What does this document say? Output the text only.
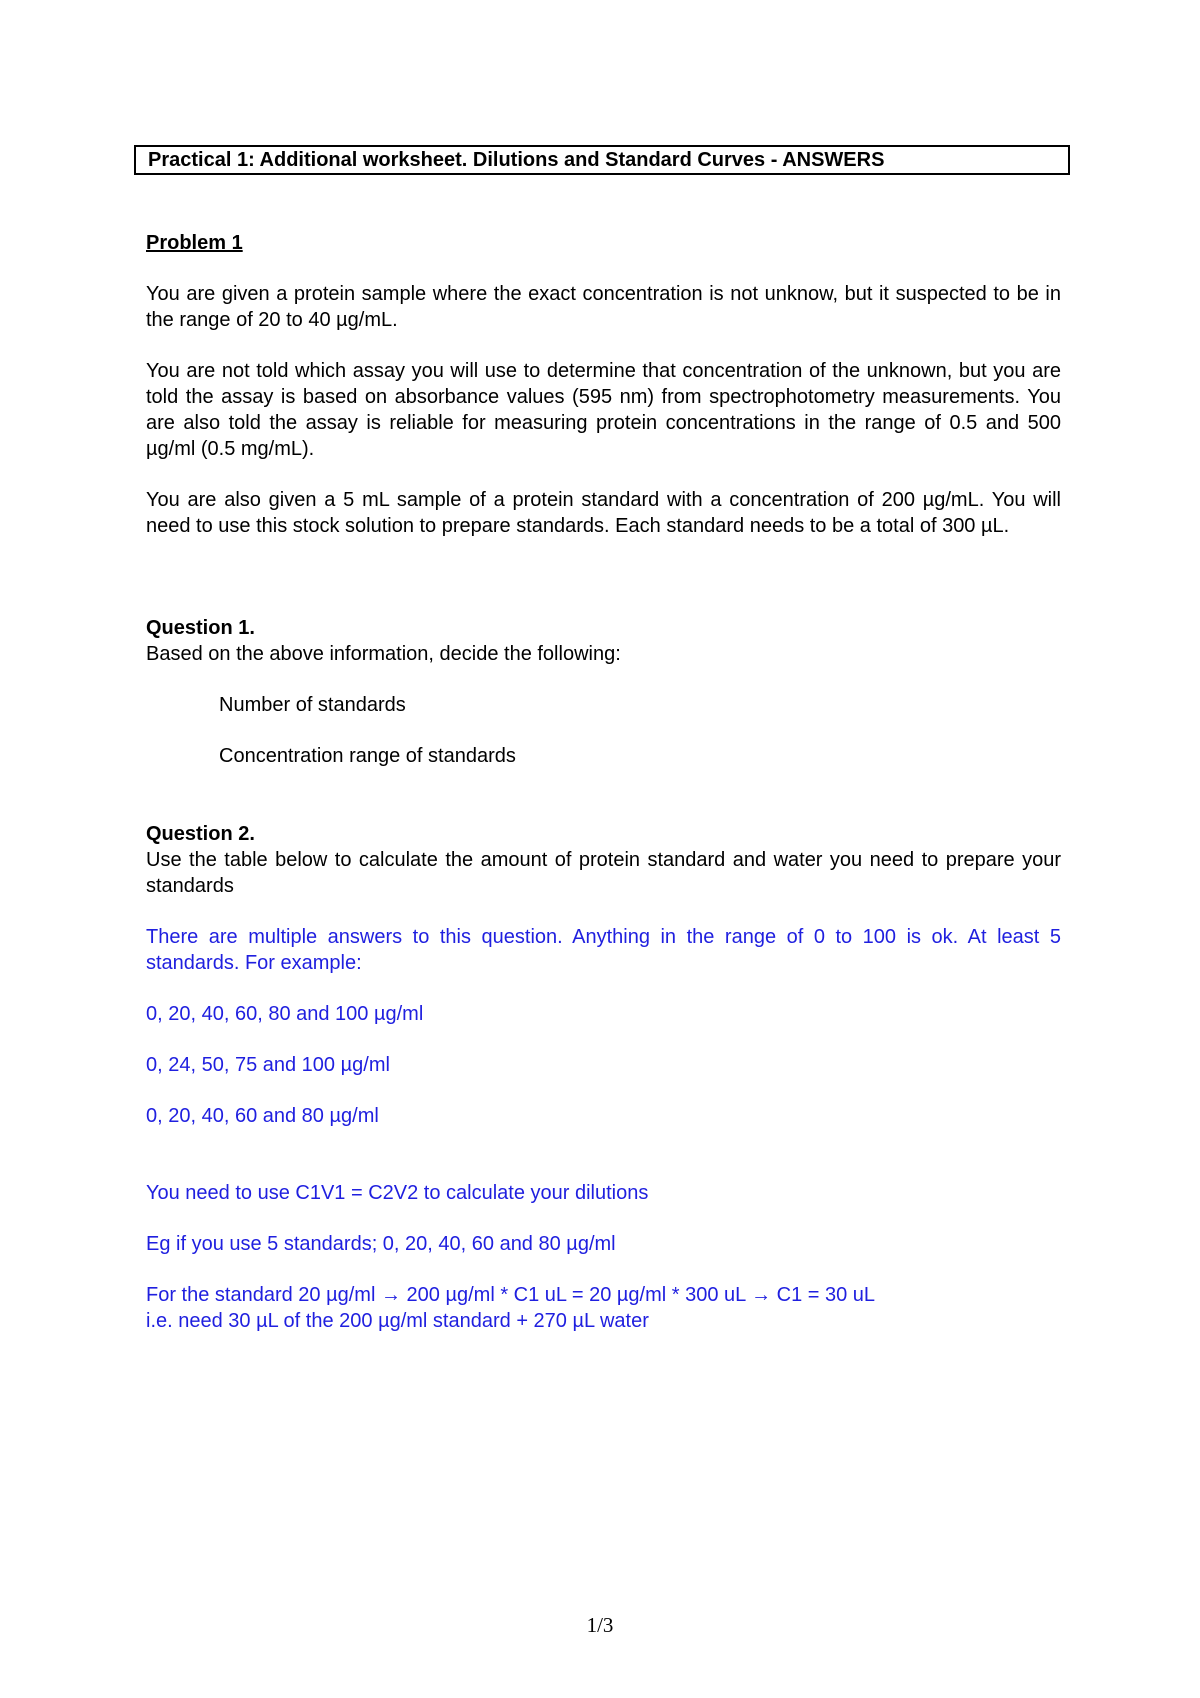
Practical 1: Additional worksheet. Dilutions and Standard Curves - ANSWERS
Problem 1
You are given a protein sample where the exact concentration is not unknow, but it suspected to be in the range of 20 to 40 µg/mL.
You are not told which assay you will use to determine that concentration of the unknown, but you are told the assay is based on absorbance values (595 nm) from spectrophotometry measurements. You are also told the assay is reliable for measuring protein concentrations in the range of 0.5 and 500 µg/ml (0.5 mg/mL).
You are also given a 5 mL sample of a protein standard with a concentration of 200 µg/mL. You will need to use this stock solution to prepare standards. Each standard needs to be a total of 300 µL.
Question 1.
Based on the above information, decide the following:
Number of standards
Concentration range of standards
Question 2.
Use the table below to calculate the amount of protein standard and water you need to prepare your standards
There are multiple answers to this question. Anything in the range of 0 to 100 is ok. At least 5 standards. For example:
0, 20, 40, 60, 80 and 100 µg/ml
0, 24, 50, 75 and 100 µg/ml
0, 20, 40, 60 and 80 µg/ml
You need to use C1V1 = C2V2 to calculate your dilutions
Eg if you use 5 standards; 0, 20, 40, 60 and 80 µg/ml
For the standard 20 µg/ml → 200 µg/ml * C1 uL = 20 µg/ml * 300 uL → C1 = 30 uL
i.e. need 30 µL of the 200 µg/ml standard + 270 µL water
1/3
